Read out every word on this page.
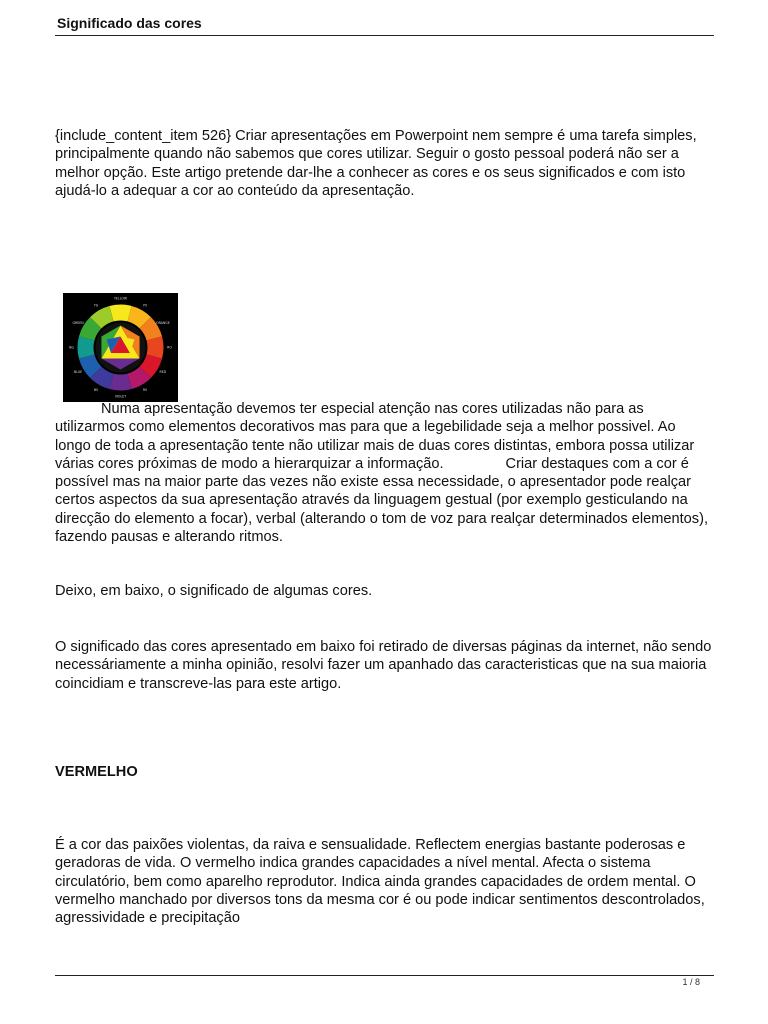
Significado das cores

{include_content_item 526} Criar apresentações em Powerpoint nem sempre é uma tarefa simples, principalmente quando não sabemos que cores utilizar. Seguir o gosto pessoal poderá não ser a melhor opção. Este artigo pretende dar-lhe a conhecer as cores e os seus significados e com isto ajudá-lo a adequar a cor ao conteúdo da apresentação.

YELLOW
YO
ORANGE
RO
RED
RV
VIOLET
BV
BLUE
BG
GREEN
YG

Numa apresentação devemos ter especial atenção nas cores utilizadas não para as utilizarmos como elementos decorativos mas para que a legebilidade seja a melhor possivel. Ao longo de toda a apresentação tente não utilizar mais de duas cores distintas, embora possa utilizar várias cores próximas de modo a hierarquizar a informação.	Criar destaques com a cor é possível mas na maior parte das vezes não existe essa necessidade, o apresentador pode realçar certos aspectos da sua apresentação através da linguagem gestual (por exemplo gesticulando na direcção do elemento a focar), verbal (alterando o tom de voz para realçar determinados elementos), fazendo pausas e alterando ritmos.

Deixo, em baixo, o significado de algumas cores.

O significado das cores apresentado em baixo foi retirado de diversas páginas da internet, não sendo necessáriamente a minha opinião, resolvi fazer um apanhado das caracteristicas que na sua maioria coincidiam e transcreve-las para este artigo.

VERMELHO

É a cor das paixões violentas, da raiva e sensualidade. Reflectem energias bastante poderosas e geradoras de vida. O vermelho indica grandes capacidades a nível mental. Afecta o sistema circulatório, bem como aparelho reprodutor. Indica ainda grandes capacidades de ordem mental. O vermelho manchado por diversos tons da mesma cor é ou pode indicar sentimentos descontrolados, agressividade e precipitação

1 / 8
